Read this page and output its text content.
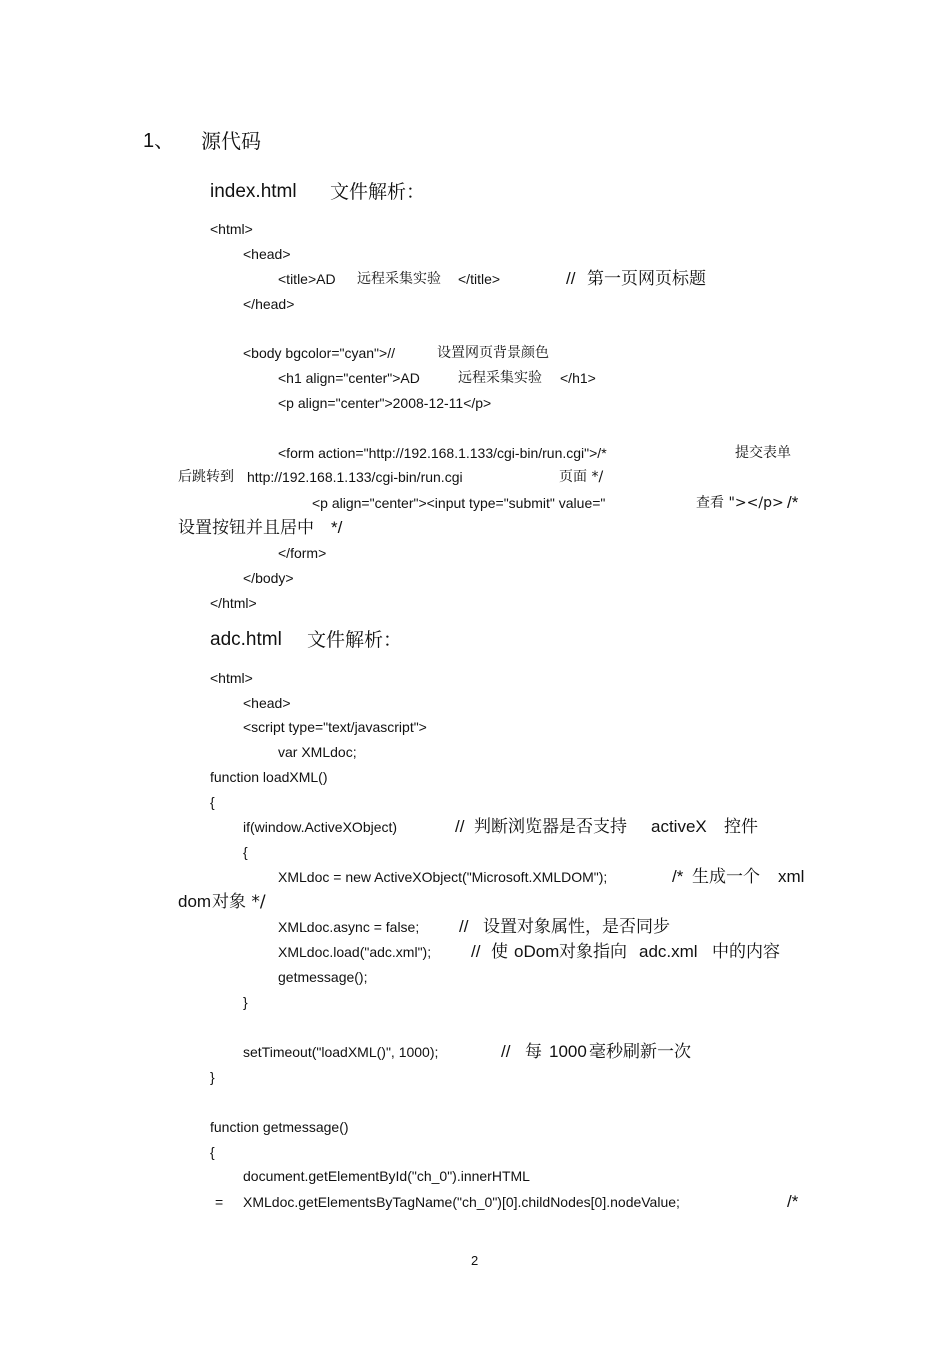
1、 源代码
index.html 文件解析：
<html>
<head>
<title>AD 远程采集实验 </title>	// 第一页网页标题
</head>
<body bgcolor="cyan">//	设置网页背景颜色
<h1 align="center">AD	远程采集实验 </h1>
<p align="center">2008-12-11</p>
<form action="http://192.168.1.133/cgi-bin/run.cgi">/*	提交表单
后跳转到 http://192.168.1.133/cgi-bin/run.cgi	页面 */
<p align="center"><input type="submit" value="	查看 "></p> /*
设置按钮并且居中 */
</form>
</body>
</html>
adc.html 文件解析：
<html>
<head>
<script type="text/javascript">
var XMLdoc;
function loadXML()
{
if(window.ActiveXObject)	// 判断浏览器是否支持 activeX 控件
{
XMLdoc = new ActiveXObject("Microsoft.XMLDOM");	/* 生成一个 xml
dom 对象 */
XMLdoc.async = false; // 设置对象属性，是否同步
XMLdoc.load("adc.xml"); // 使 oDom 对象指向 adc.xml 中的内容
getmessage();
}
setTimeout("loadXML()", 1000);	// 每 1000 毫秒刷新一次
}
function getmessage()
{
document.getElementById("ch_0").innerHTML
= XMLdoc.getElementsByTagName("ch_0")[0].childNodes[0].nodeValue;	/*
2
